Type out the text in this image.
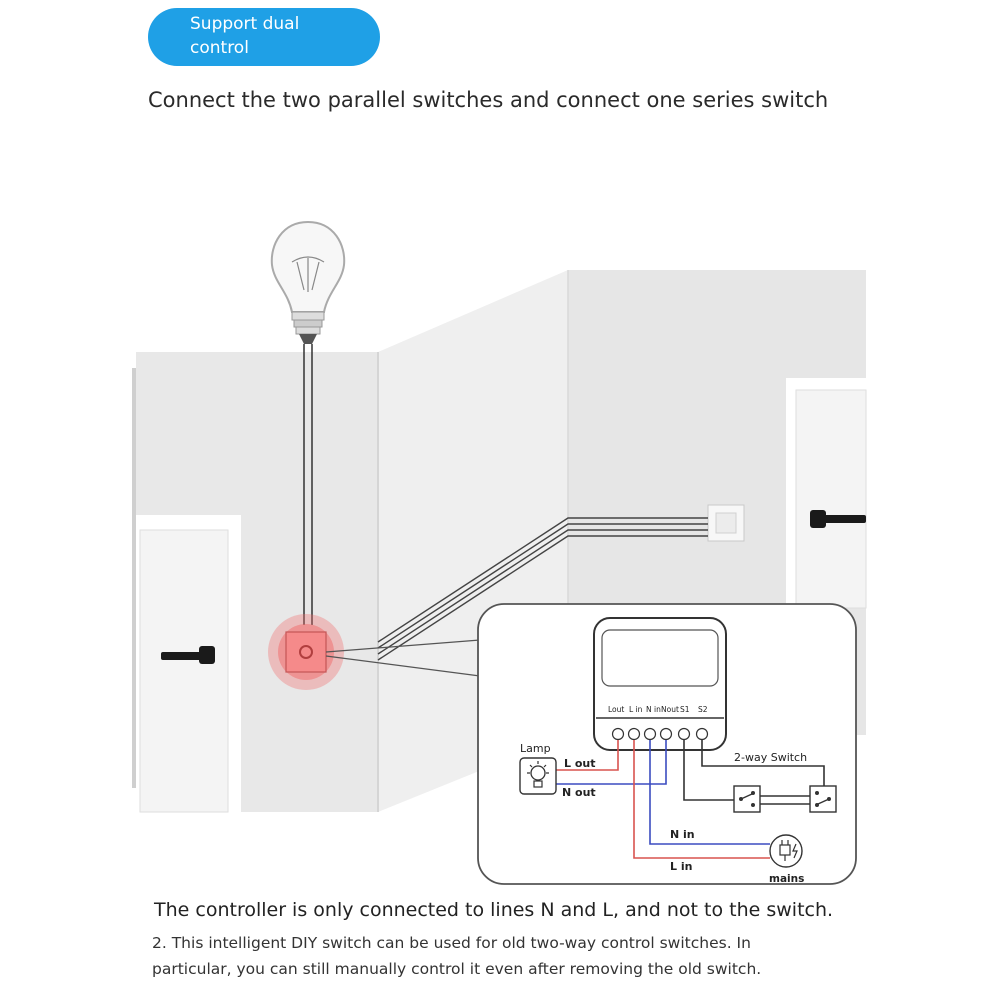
Support dual
control
Connect the two parallel switches and connect one series switch
Lout L in N in Nout S1 S2
Lamp
L out
N out
2-way Switch
N in
L in
mains
The controller is only connected to lines N and L, and not to the switch.
2. This intelligent DIY switch can be used for old two-way control switches. In
particular, you can still manually control it even after removing the old switch.
